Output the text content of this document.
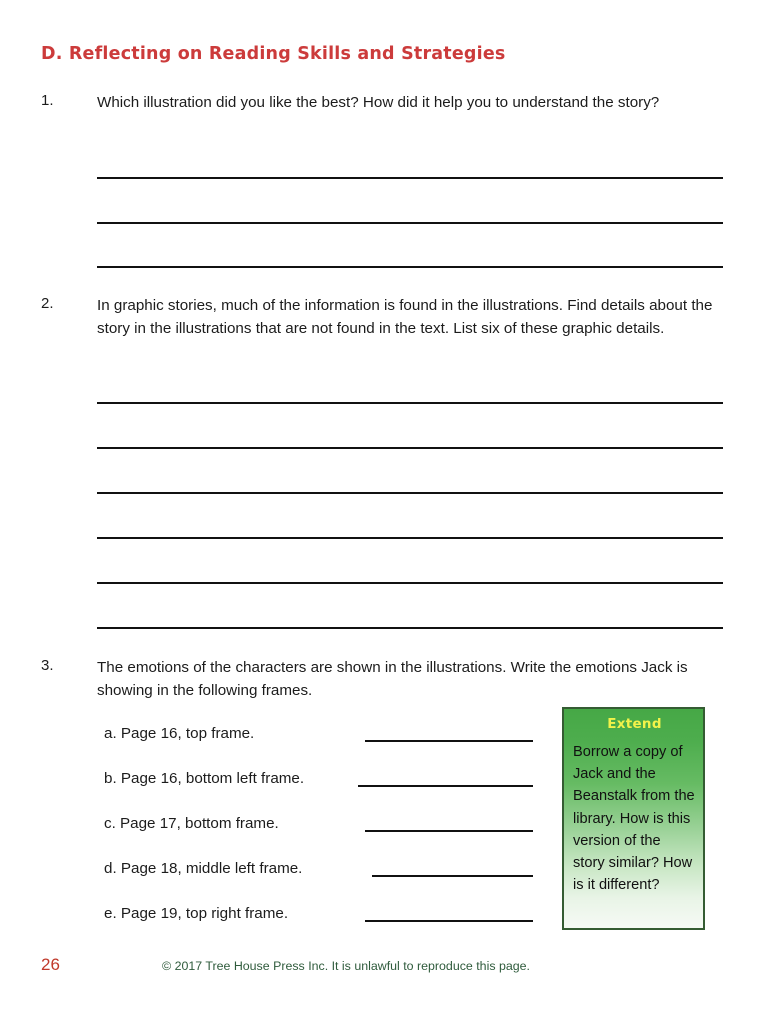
D. Reflecting on Reading Skills and Strategies
1.	Which illustration did you like the best? How did it help you to understand the story?
2.	In graphic stories, much of the information is found in the illustrations. Find details about the story in the illustrations that are not found in the text. List six of these graphic details.
3.	The emotions of the characters are shown in the illustrations. Write the emotions Jack is showing in the following frames.
a. Page 16, top frame.
b. Page 16, bottom left frame.
c. Page 17, bottom frame.
d. Page 18, middle left frame.
e. Page 19, top right frame.
Extend
Borrow a copy of Jack and the Beanstalk from the library. How is this version of the story similar? How is it different?
26	© 2017 Tree House Press Inc. It is unlawful to reproduce this page.
